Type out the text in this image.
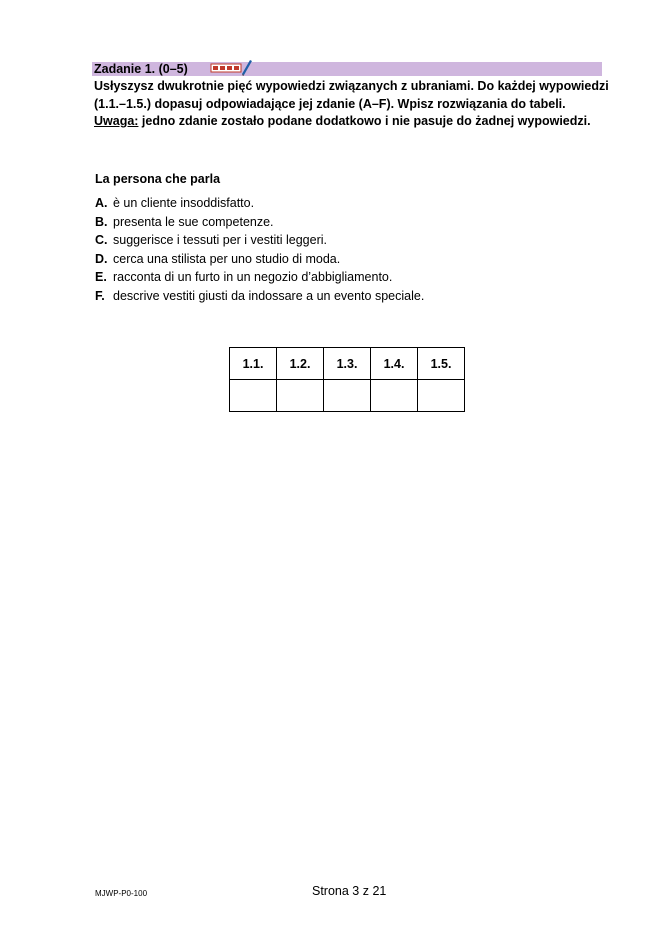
Zadanie 1. (0–5)
Usłyszysz dwukrotnie pięć wypowiedzi związanych z ubraniami. Do każdej wypowiedzi
(1.1.–1.5.) dopasuj odpowiadające jej zdanie (A–F). Wpisz rozwiązania do tabeli.
Uwaga: jedno zdanie zostało podane dodatkowo i nie pasuje do żadnej wypowiedzi.
La persona che parla
A. è un cliente insoddisfatto.
B. presenta le sue competenze.
C. suggerisce i tessuti per i vestiti leggeri.
D. cerca una stilista per uno studio di moda.
E. racconta di un furto in un negozio d’abbigliamento.
F. descrive vestiti giusti da indossare a un evento speciale.
1.1.	1.2.	1.3.	1.4.	1.5.

MJWP-P0-100	Strona 3 z 21
